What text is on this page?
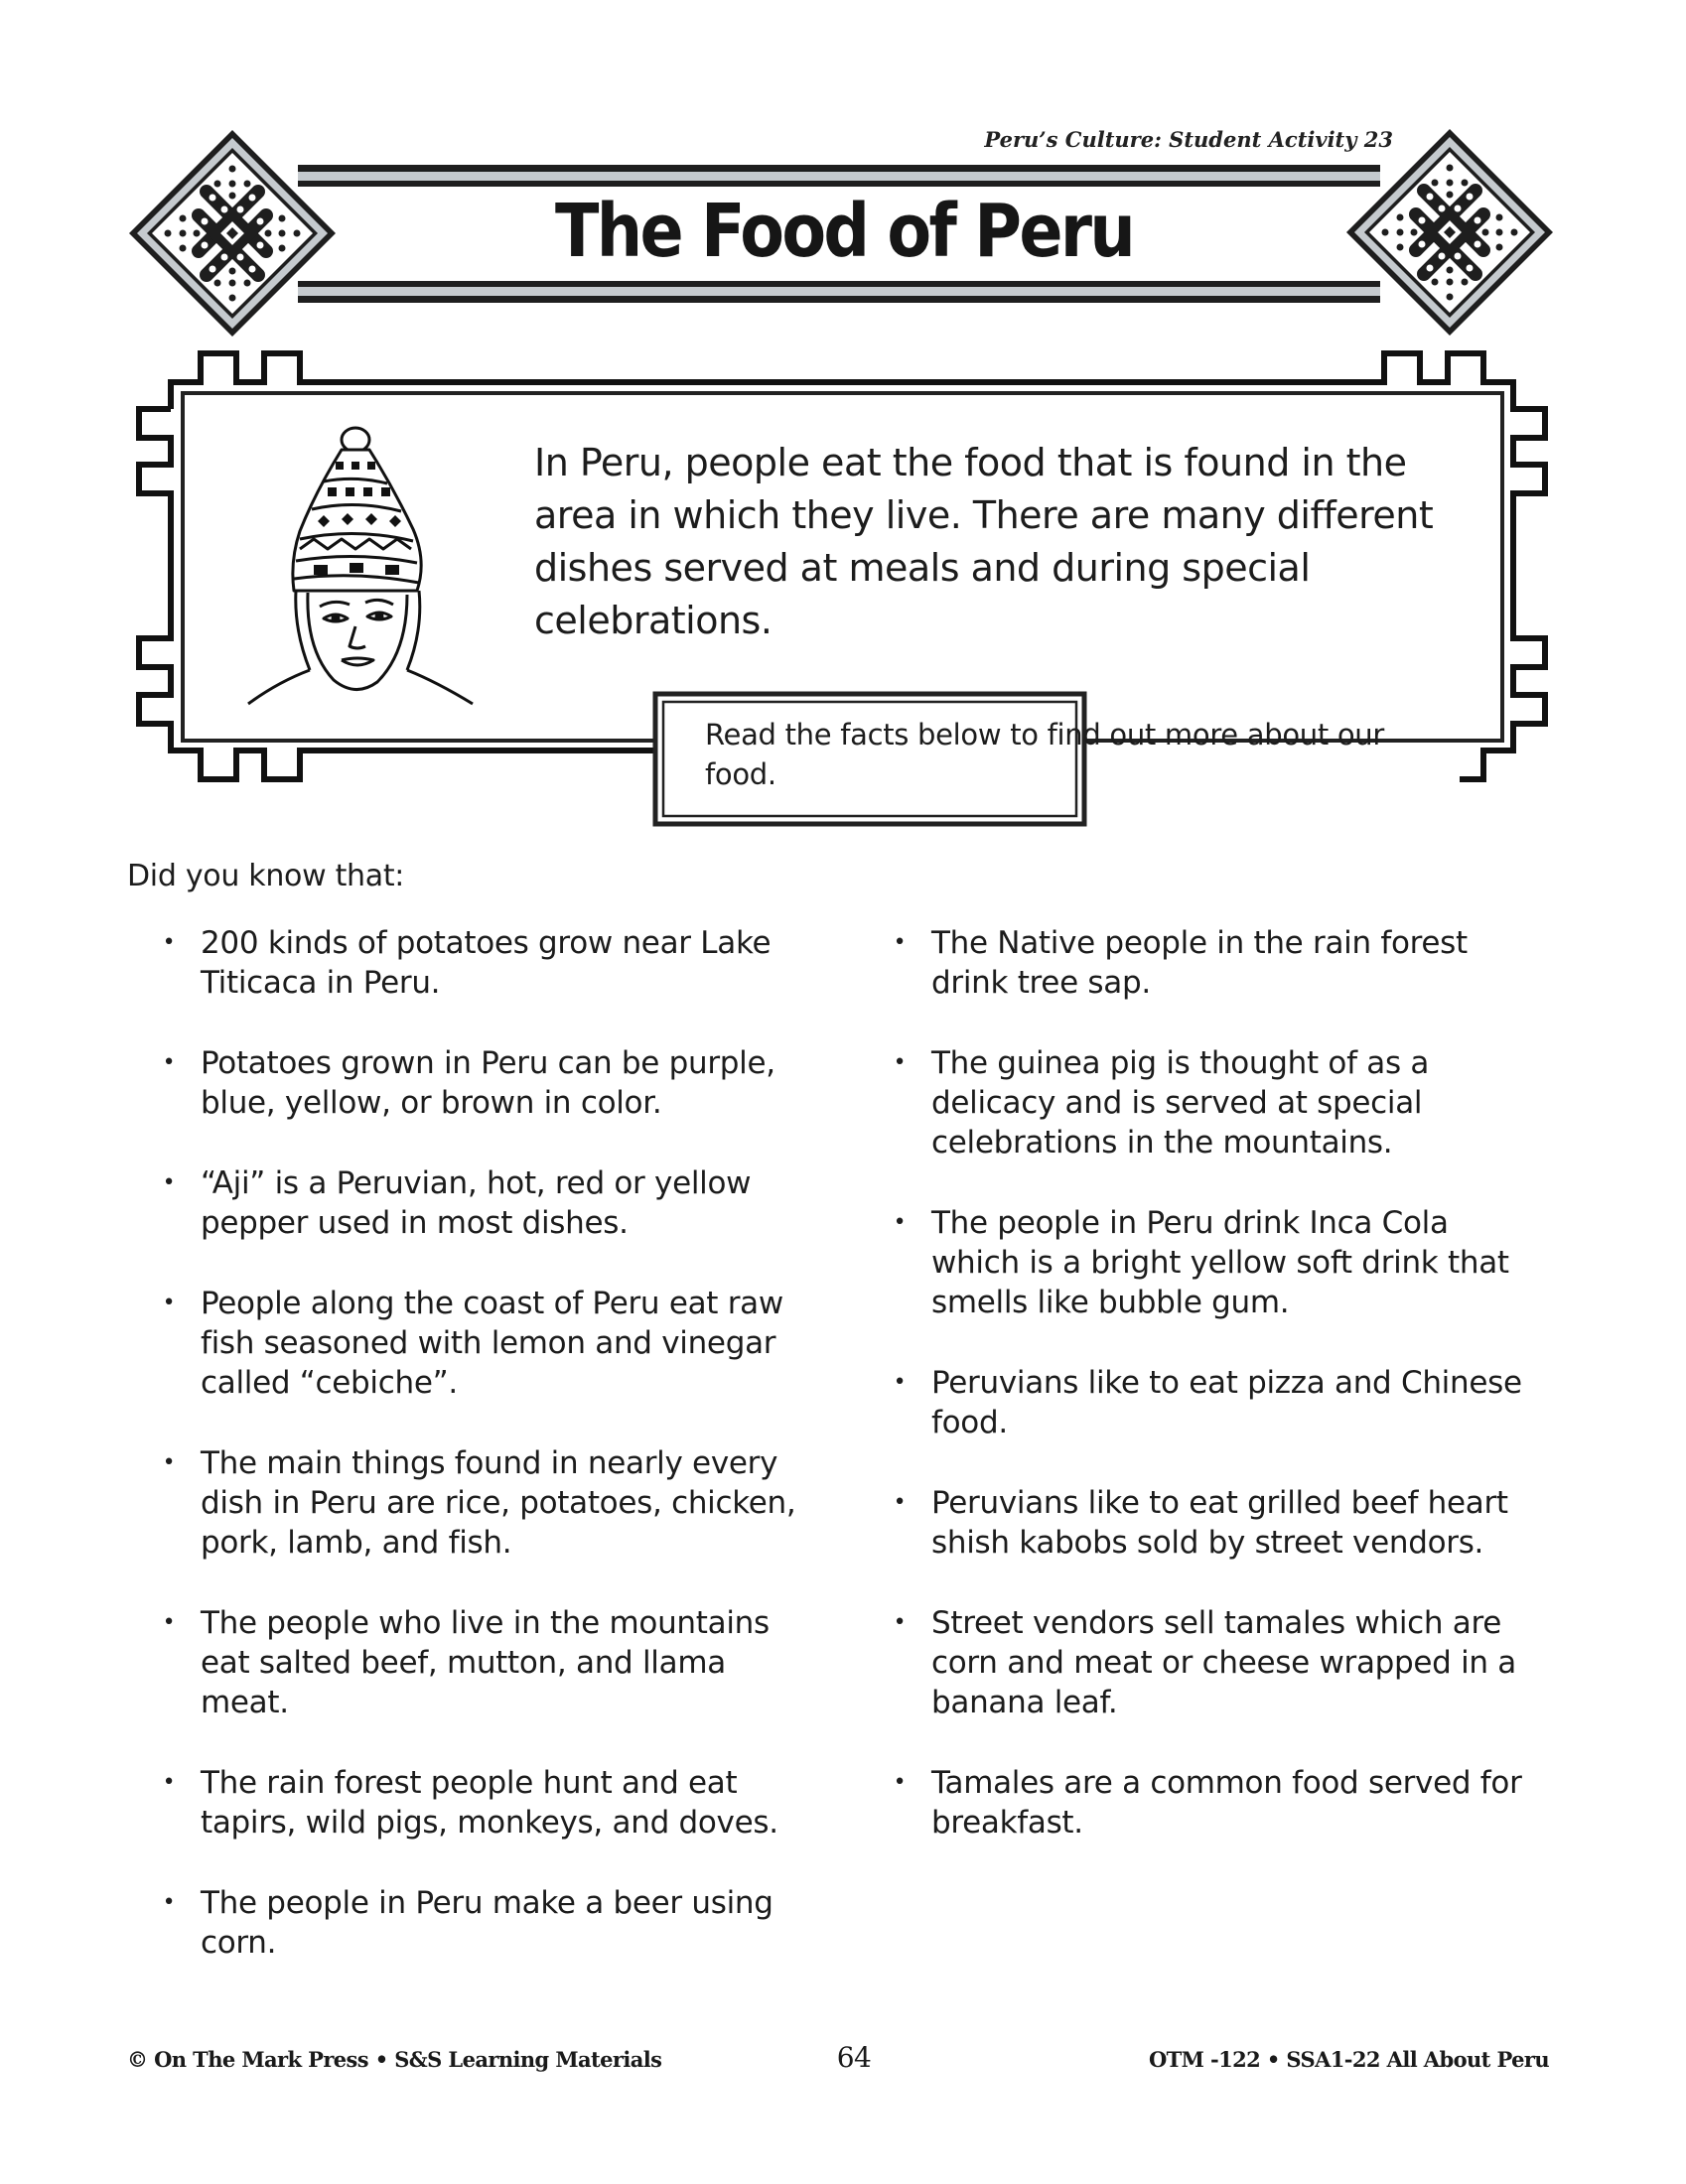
Peru’s Culture: Student Activity 23
The Food of Peru

In Peru, people eat the food that is found in the area in which they live. There are many different dishes served at meals and during special celebrations.

Read the facts below to find out more about our food.

Did you know that:
• 200 kinds of potatoes grow near Lake Titicaca in Peru.
• Potatoes grown in Peru can be purple, blue, yellow, or brown in color.
• “Aji” is a Peruvian, hot, red or yellow pepper used in most dishes.
• People along the coast of Peru eat raw fish seasoned with lemon and vinegar called “cebiche”.
• The main things found in nearly every dish in Peru are rice, potatoes, chicken, pork, lamb, and fish.
• The people who live in the mountains eat salted beef, mutton, and llama meat.
• The rain forest people hunt and eat tapirs, wild pigs, monkeys, and doves.
• The people in Peru make a beer using corn.
• The Native people in the rain forest drink tree sap.
• The guinea pig is thought of as a delicacy and is served at special celebrations in the mountains.
• The people in Peru drink Inca Cola which is a bright yellow soft drink that smells like bubble gum.
• Peruvians like to eat pizza and Chinese food.
• Peruvians like to eat grilled beef heart shish kabobs sold by street vendors.
• Street vendors sell tamales which are corn and meat or cheese wrapped in a banana leaf.
• Tamales are a common food served for breakfast.
© On The Mark Press • S&S Learning Materials	64	OTM -122 • SSA1-22 All About Peru
